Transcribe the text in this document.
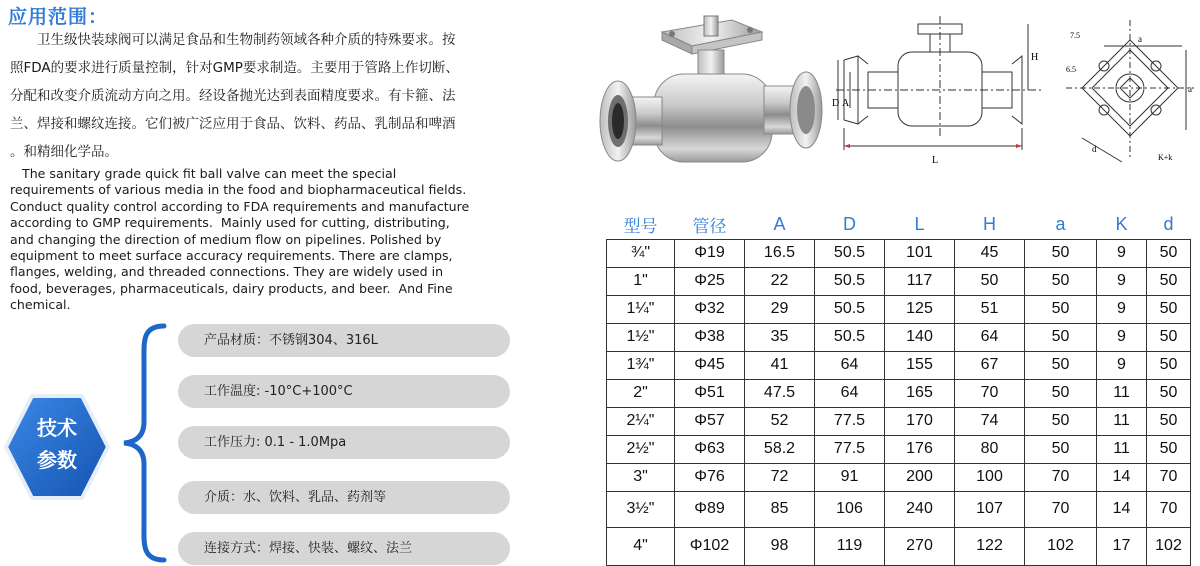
应用范围：

　　卫生级快装球阀可以满足食品和生物制药领域各种介质的特殊要求。按

照FDA的要求进行质量控制，针对GMP要求制造。主要用于管路上作切断、

分配和改变介质流动方向之用。经设备抛光达到表面精度要求。有卡箍、法

兰、焊接和螺纹连接。它们被广泛应用于食品、饮料、药品、乳制品和啤酒

。和精细化学品。

The sanitary grade quick fit ball valve can meet the special
requirements of various media in the food and biopharmaceutical fields.
Conduct quality control according to FDA requirements and manufacture
according to GMP requirements.  Mainly used for cutting, distributing,
and changing the direction of medium flow on pipelines. Polished by
equipment to meet surface accuracy requirements. There are clamps,
flanges, welding, and threaded connections. They are widely used in
food, beverages, pharmaceuticals, dairy products, and beer.  And Fine
chemical.
技术
参数
产品材质：不锈钢304、316L
工作温度: -10°C+100°C
工作压力: 0.1 - 1.0Mpa
介质：水、饮料、乳品、药剂等
连接方式：焊接、快装、螺纹、法兰
L
H
D A
a
a
d
7.5
6.5
K+k
型号	管径	A	D	L	H	a	K	d
¾"	Φ19	16.5	50.5	101	45	50	9	50
1"	Φ25	22	50.5	117	50	50	9	50
1¼"	Φ32	29	50.5	125	51	50	9	50
1½"	Φ38	35	50.5	140	64	50	9	50
1¾"	Φ45	41	64	155	67	50	9	50
2"	Φ51	47.5	64	165	70	50	11	50
2¼"	Φ57	52	77.5	170	74	50	11	50
2½"	Φ63	58.2	77.5	176	80	50	11	50
3"	Φ76	72	91	200	100	70	14	70
3½"	Φ89	85	106	240	107	70	14	70
4"	Φ102	98	119	270	122	102	17	102
